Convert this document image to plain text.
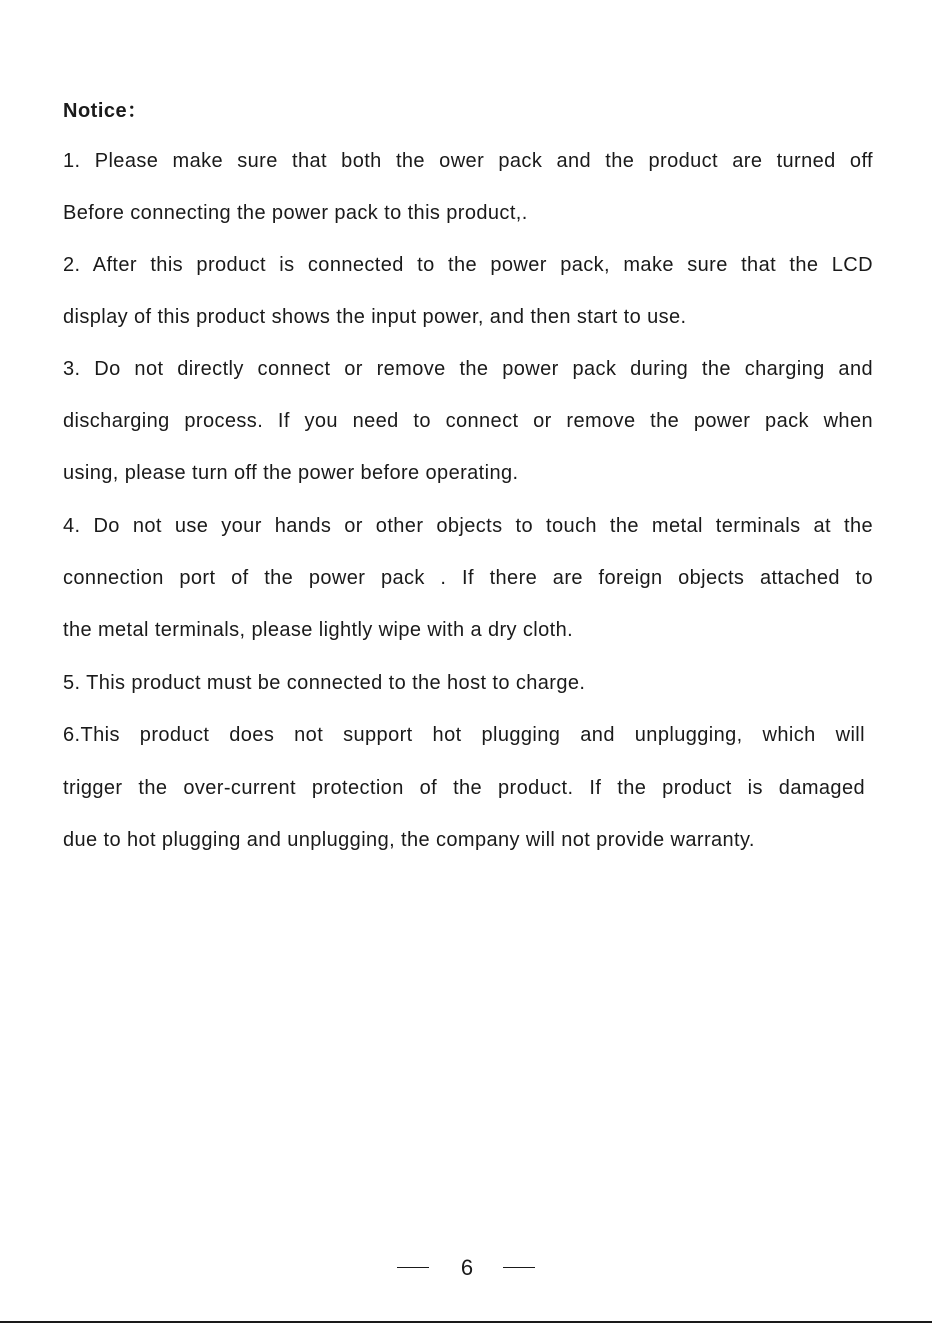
Notice：

1. Please make sure that both the ower pack and the product are turned off

Before connecting the power pack to this product,.

2. After this product is connected to the power pack, make sure that the LCD

display of this product shows the input power, and then start to use.

3. Do not directly connect or remove the power pack during the charging and

discharging process. If you need to connect or remove the power pack when

using, please turn off the power before operating.

4. Do not use your hands or other objects to touch the metal terminals at the

connection port of the power pack . If there are foreign objects attached to

the metal terminals, please lightly wipe with a dry cloth.

5. This product must be connected to the host to charge.

6.This product does not support hot plugging and unplugging, which will

trigger the over-current protection of the product. If the product is damaged

due to hot plugging and unplugging, the company will not provide warranty.

6
